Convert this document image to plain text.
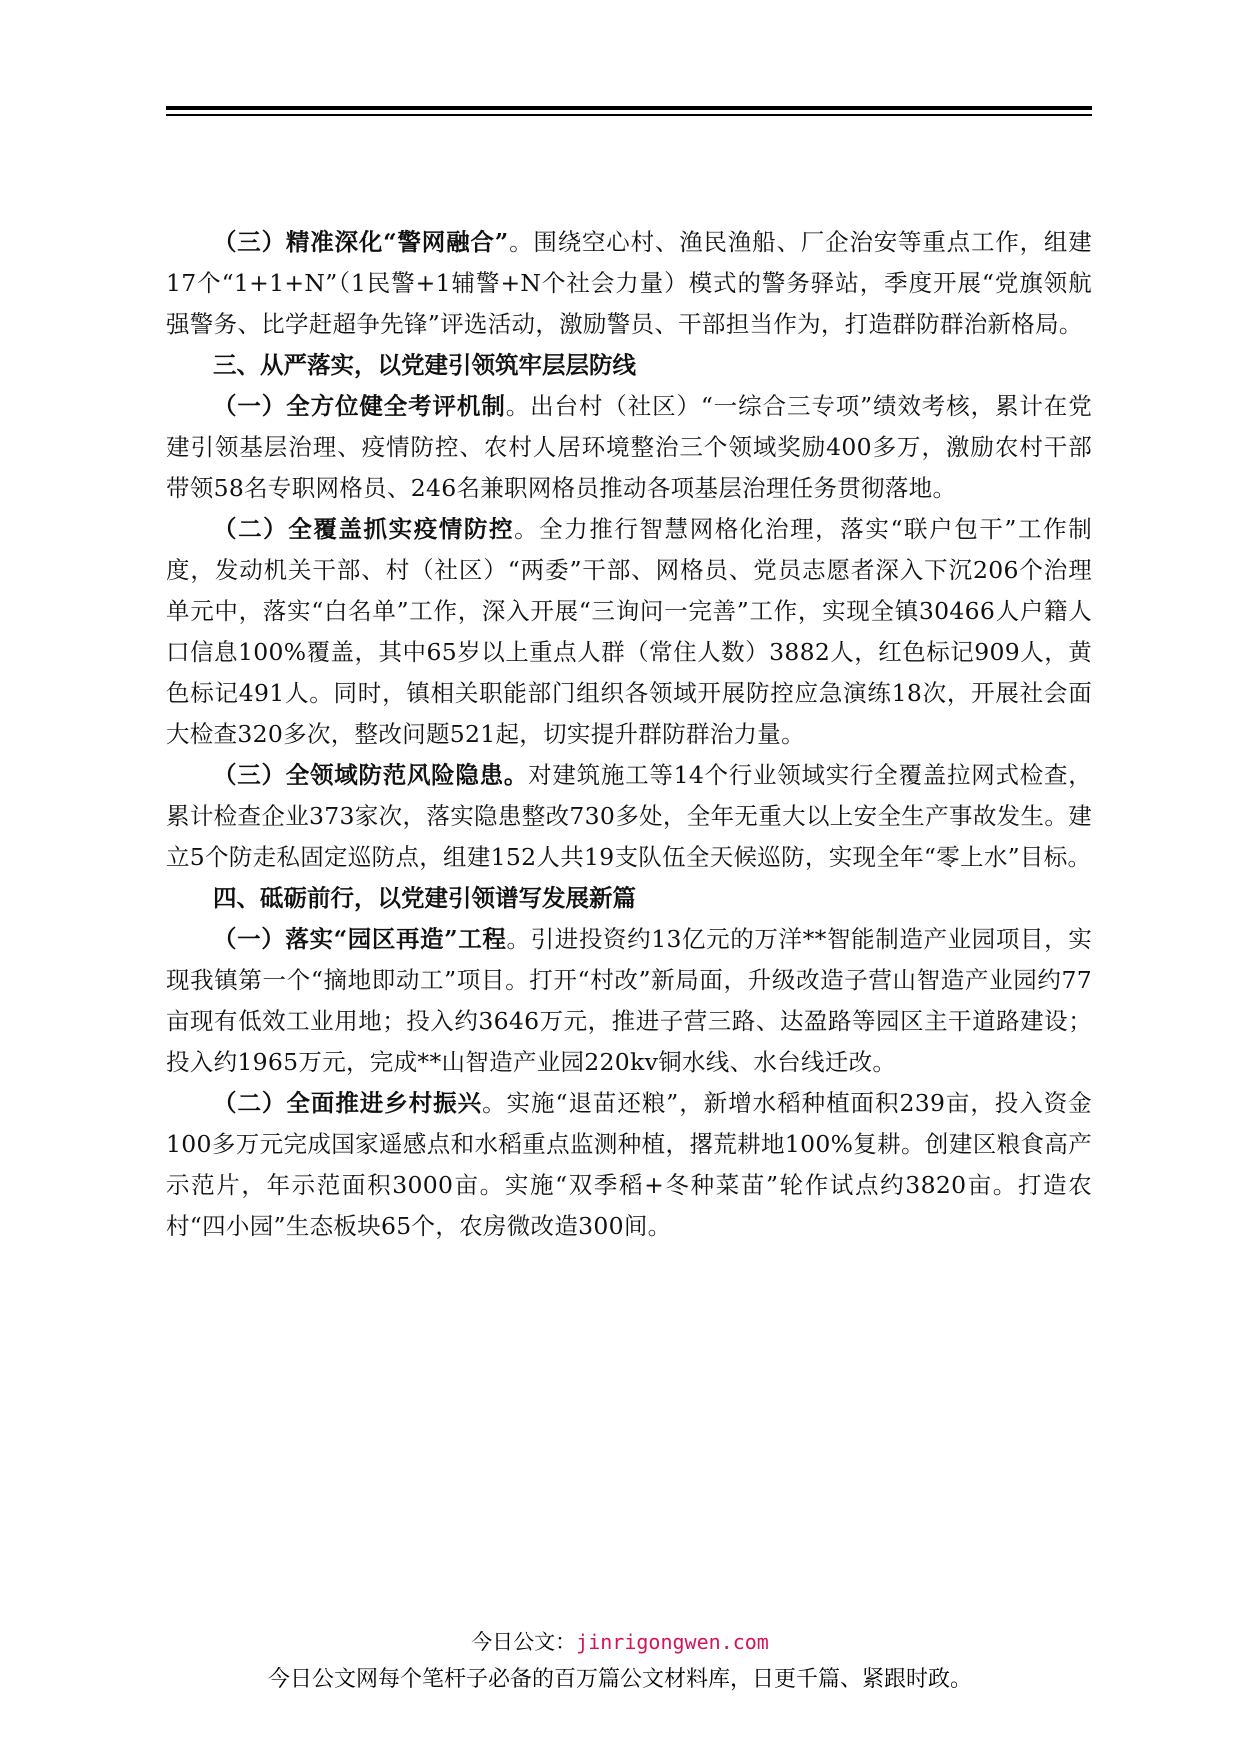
（三）精准深化“警网融合”。围绕空心村、渔民渔船、厂企治安等重点工作，组建17个“1+1+N”（1民警+1辅警+N个社会力量）模式的警务驿站，季度开展“党旗领航强警务、比学赶超争先锋”评选活动，激励警员、干部担当作为，打造群防群治新格局。

三、从严落实，以党建引领筑牢层层防线

（一）全方位健全考评机制。出台村（社区）“一综合三专项”绩效考核，累计在党建引领基层治理、疫情防控、农村人居环境整治三个领域奖励400多万，激励农村干部带领58名专职网格员、246名兼职网格员推动各项基层治理任务贯彻落地。

（二）全覆盖抓实疫情防控。全力推行智慧网格化治理，落实“联户包干”工作制度，发动机关干部、村（社区）“两委”干部、网格员、党员志愿者深入下沉206个治理单元中，落实“白名单”工作，深入开展“三询问一完善”工作，实现全镇30466人户籍人口信息100%覆盖，其中65岁以上重点人群（常住人数）3882人，红色标记909人，黄色标记491人。同时，镇相关职能部门组织各领域开展防控应急演练18次，开展社会面大检查320多次，整改问题521起，切实提升群防群治力量。

（三）全领域防范风险隐患。对建筑施工等14个行业领域实行全覆盖拉网式检查，累计检查企业373家次，落实隐患整改730多处，全年无重大以上安全生产事故发生。建立5个防走私固定巡防点，组建152人共19支队伍全天候巡防，实现全年“零上水”目标。

四、砥砺前行，以党建引领谱写发展新篇

（一）落实“园区再造”工程。引进投资约13亿元的万洋**智能制造产业园项目，实现我镇第一个“摘地即动工”项目。打开“村改”新局面，升级改造子营山智造产业园约77亩现有低效工业用地；投入约3646万元，推进子营三路、达盈路等园区主干道路建设；投入约1965万元，完成**山智造产业园220kv铜水线、水台线迁改。

（二）全面推进乡村振兴。实施“退苗还粮”，新增水稻种植面积239亩，投入资金100多万元完成国家遥感点和水稻重点监测种植，撂荒耕地100%复耕。创建区粮食高产示范片，年示范面积3000亩。实施“双季稻+冬种菜苗”轮作试点约3820亩。打造农村“四小园”生态板块65个，农房微改造300间。

今日公文：jinrigongwen.com
今日公文网每个笔杆子必备的百万篇公文材料库，日更千篇、紧跟时政。
